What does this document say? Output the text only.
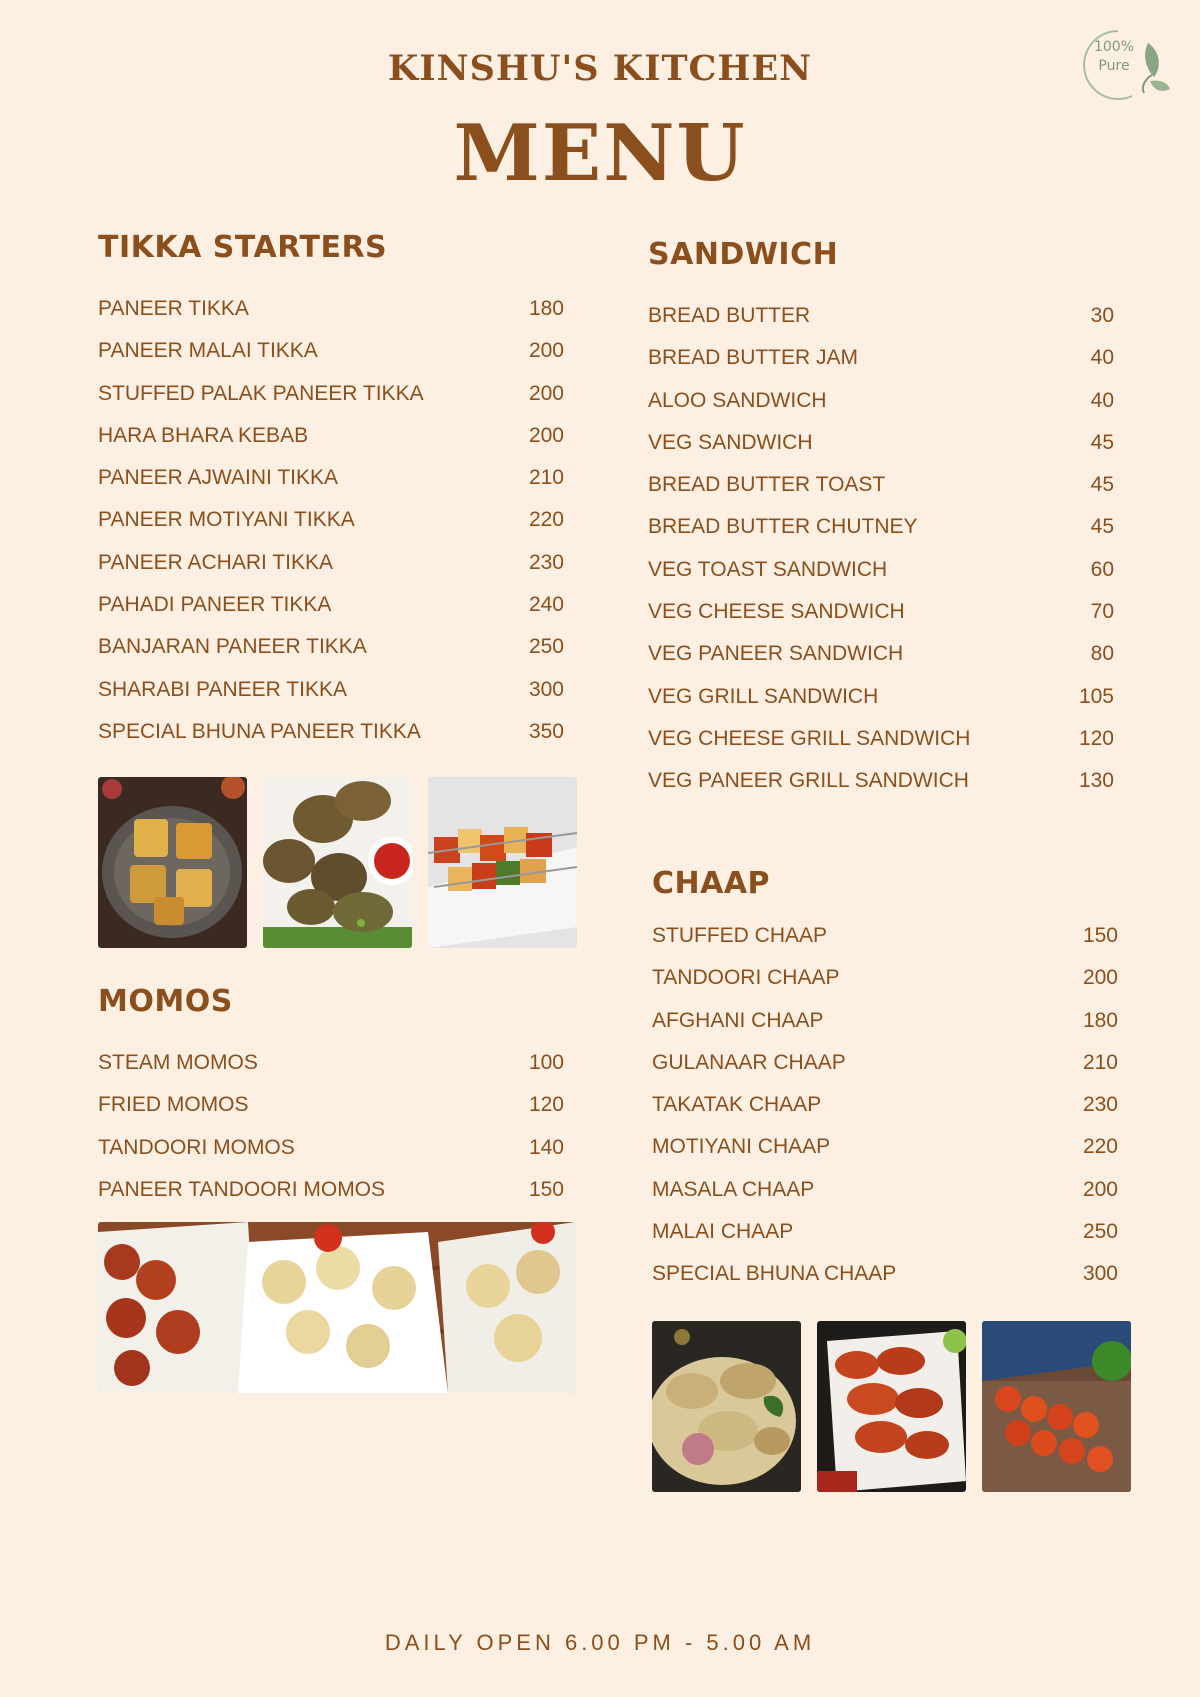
KINSHU'S KITCHEN
MENU
100%
Pure
TIKKA STARTERS
PANEER TIKKA	180
PANEER MALAI TIKKA	200
STUFFED PALAK PANEER TIKKA	200
HARA BHARA KEBAB	200
PANEER AJWAINI TIKKA	210
PANEER MOTIYANI TIKKA	220
PANEER ACHARI TIKKA	230
PAHADI PANEER TIKKA	240
BANJARAN PANEER TIKKA	250
SHARABI PANEER TIKKA	300
SPECIAL BHUNA PANEER TIKKA	350
MOMOS
STEAM MOMOS	100
FRIED MOMOS	120
TANDOORI MOMOS	140
PANEER TANDOORI MOMOS	150
SANDWICH
BREAD BUTTER	30
BREAD BUTTER JAM	40
ALOO SANDWICH	40
VEG SANDWICH	45
BREAD BUTTER TOAST	45
BREAD BUTTER CHUTNEY	45
VEG TOAST SANDWICH	60
VEG CHEESE SANDWICH	70
VEG PANEER SANDWICH	80
VEG GRILL SANDWICH	105
VEG CHEESE GRILL SANDWICH	120
VEG PANEER GRILL SANDWICH	130
CHAAP
STUFFED CHAAP	150
TANDOORI CHAAP	200
AFGHANI CHAAP	180
GULANAAR CHAAP	210
TAKATAK CHAAP	230
MOTIYANI CHAAP	220
MASALA CHAAP	200
MALAI CHAAP	250
SPECIAL BHUNA CHAAP	300
DAILY OPEN 6.00 PM - 5.00 AM
